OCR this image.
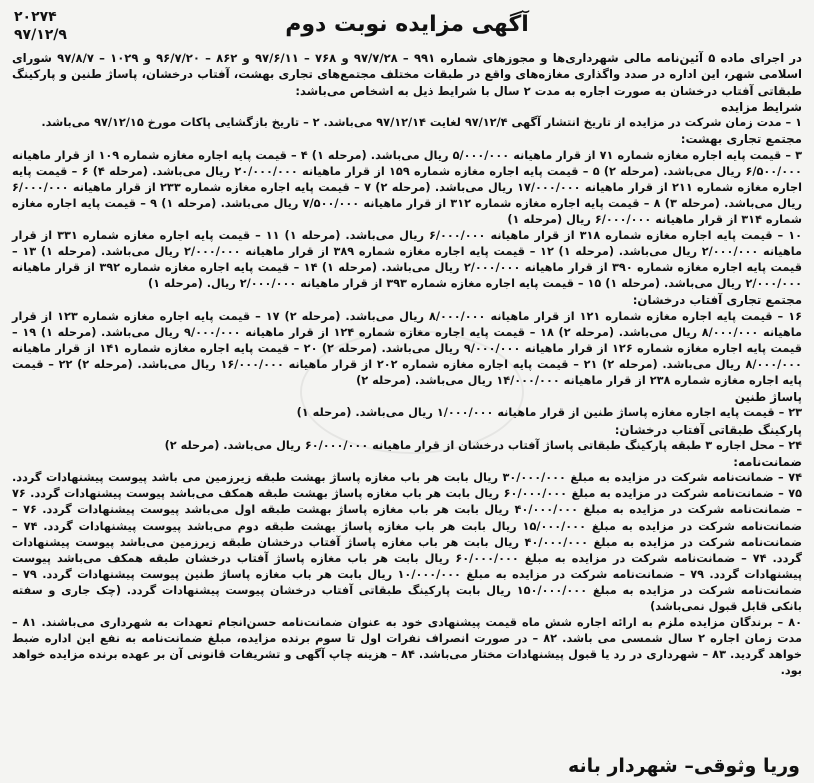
۲۰۲۷۴
۹۷/۱۲/۹	آگهی مزایده نوبت دوم
در اجرای ماده ۵ آئین‌نامه مالی شهرداری‌ها و مجوزهای شماره ۹۹۱ – ۹۷/۷/۲۸ و ۷۶۸ – ۹۷/۶/۱۱ و ۸۶۲ – ۹۶/۷/۲۰ و ۱۰۲۹ – ۹۷/۸/۷ شورای اسلامی شهر، این اداره در صدد واگذاری مغازه‌های واقع در طبقات مختلف مجتمع‌های تجاری بهشت، آفتاب درخشان، پاساژ طنین و پارکینگ طبقاتی آفتاب درخشان به صورت اجاره به مدت ۲ سال با شرایط ذیل به اشخاص می‌باشد:
شرایط مزایده
۱ – مدت زمان شرکت در مزایده از تاریخ انتشار آگهی ۹۷/۱۲/۴ لغایت ۹۷/۱۲/۱۴ می‌باشد. ۲ – تاریخ بازگشایی پاکات مورخ ۹۷/۱۲/۱۵ می‌باشد.
مجتمع تجاری بهشت:
۳ – قیمت پایه اجاره مغازه شماره ۷۱ از قرار ماهیانه ۵/۰۰۰/۰۰۰ ریال می‌باشد. (مرحله ۱) ۴ – قیمت پایه اجاره مغازه شماره ۱۰۹ از قرار ماهیانه ۶/۵۰۰/۰۰۰ ریال می‌باشد. (مرحله ۲) ۵ – قیمت پایه اجاره مغازه شماره ۱۵۹ از قرار ماهیانه ۲۰/۰۰۰/۰۰۰ ریال می‌باشد. (مرحله ۴) ۶ – قیمت پایه اجاره مغازه شماره ۲۱۱ از قرار ماهیانه ۱۷/۰۰۰/۰۰۰ ریال می‌باشد. (مرحله ۲) ۷ – قیمت پایه اجاره مغازه شماره ۲۳۳ از قرار ماهیانه ۶/۰۰۰/۰۰۰ ریال می‌باشد. (مرحله ۳) ۸ – قیمت پایه اجاره مغازه شماره ۳۱۲ از قرار ماهیانه ۷/۵۰۰/۰۰۰ ریال می‌باشد. (مرحله ۱) ۹ – قیمت پایه اجاره مغازه شماره ۳۱۴ از قرار ماهیانه ۶/۰۰۰/۰۰۰ ریال (مرحله ۱)
۱۰ – قیمت پایه اجاره مغازه شماره ۳۱۸ از قرار ماهیانه ۶/۰۰۰/۰۰۰ ریال می‌باشد. (مرحله ۱) ۱۱ – قیمت پایه اجاره مغازه شماره ۳۳۱ از قرار ماهیانه ۲/۰۰۰/۰۰۰ ریال می‌باشد. (مرحله ۱) ۱۲ – قیمت پایه اجاره مغازه شماره ۳۸۹ از قرار ماهیانه ۲/۰۰۰/۰۰۰ ریال می‌باشد. (مرحله ۱) ۱۳ – قیمت پایه اجاره مغازه شماره ۳۹۰ از قرار ماهیانه ۲/۰۰۰/۰۰۰ ریال می‌باشد. (مرحله ۱) ۱۴ – قیمت پایه اجاره مغازه شماره ۳۹۲ از قرار ماهیانه ۲/۰۰۰/۰۰۰ ریال می‌باشد. (مرحله ۱) ۱۵ – قیمت پایه اجاره مغازه شماره ۳۹۳ از قرار ماهیانه ۲/۰۰۰/۰۰۰ ریال. (مرحله ۱)
مجتمع تجاری آفتاب درخشان:
۱۶ – قیمت پایه اجاره مغازه شماره ۱۲۱ از قرار ماهیانه ۸/۰۰۰/۰۰۰ ریال می‌باشد. (مرحله ۲) ۱۷ – قیمت پایه اجاره مغازه شماره ۱۲۳ از قرار ماهیانه ۸/۰۰۰/۰۰۰ ریال می‌باشد. (مرحله ۲) ۱۸ – قیمت پایه اجاره مغازه شماره ۱۲۴ از قرار ماهیانه ۹/۰۰۰/۰۰۰ ریال می‌باشد. (مرحله ۱) ۱۹ – قیمت پایه اجاره مغازه شماره ۱۲۶ از قرار ماهیانه ۹/۰۰۰/۰۰۰ ریال می‌باشد. (مرحله ۲) ۲۰ – قیمت پایه اجاره مغازه شماره ۱۴۱ از قرار ماهیانه ۸/۰۰۰/۰۰۰ ریال می‌باشد. (مرحله ۲) ۲۱ – قیمت پایه اجاره مغازه شماره ۲۰۲ از قرار ماهیانه ۱۶/۰۰۰/۰۰۰ ریال می‌باشد. (مرحله ۲) ۲۲ – قیمت پایه اجاره مغازه شماره ۲۳۸ از قرار ماهیانه ۱۴/۰۰۰/۰۰۰ ریال می‌باشد. (مرحله ۲)
پاساژ طنین
۲۳ – قیمت پایه اجاره مغازه پاساژ طنین از قرار ماهیانه ۱/۰۰۰/۰۰۰ ریال می‌باشد. (مرحله ۱)
پارکینگ طبقاتی آفتاب درخشان:
۲۴ – محل اجاره ۳ طبقه پارکینگ طبقاتی پاساژ آفتاب درخشان از قرار ماهیانه ۶۰/۰۰۰/۰۰۰ ریال می‌باشد. (مرحله ۲)
ضمانت‌نامه:
۷۴ – ضمانت‌نامه شرکت در مزایده به مبلغ ۳۰/۰۰۰/۰۰۰ ریال بابت هر باب مغازه پاساژ بهشت طبقه زیرزمین می باشد پیوست پیشنهادات گردد. ۷۵ – ضمانت‌نامه شرکت در مزایده به مبلغ ۶۰/۰۰۰/۰۰۰ ریال بابت هر باب مغازه پاساژ بهشت طبقه همکف می‌باشد پیوست پیشنهادات گردد. ۷۶ – ضمانت‌نامه شرکت در مزایده به مبلغ ۴۰/۰۰۰/۰۰۰ ریال بابت هر باب مغازه پاساژ بهشت طبقه اول می‌باشد پیوست پیشنهادات گردد. ۷۶ – ضمانت‌نامه شرکت در مزایده به مبلغ ۱۵/۰۰۰/۰۰۰ ریال بابت هر باب مغازه پاساژ بهشت طبقه دوم می‌باشد پیوست پیشنهادات گردد. ۷۴ – ضمانت‌نامه شرکت در مزایده به مبلغ ۴۰/۰۰۰/۰۰۰ ریال بابت هر باب مغازه پاساژ آفتاب درخشان طبقه زیرزمین می‌باشد پیوست پیشنهادات گردد. ۷۴ – ضمانت‌نامه شرکت در مزایده به مبلغ ۶۰/۰۰۰/۰۰۰ ریال بابت هر باب مغازه پاساژ آفتاب درخشان طبقه همکف می‌باشد پیوست پیشنهادات گردد. ۷۹ – ضمانت‌نامه شرکت در مزایده به مبلغ ۱۰/۰۰۰/۰۰۰ ریال بابت هر باب مغازه پاساژ طنین پیوست پیشنهادات گردد. ۷۹ – ضمانت‌نامه شرکت در مزایده به مبلغ ۱۵۰/۰۰۰/۰۰۰ ریال بابت پارکینگ طبقاتی آفتاب درخشان پیوست پیشنهادات گردد. (چک جاری و سفته بانکی قابل قبول نمی‌باشد)
۸۰ – برندگان مزایده ملزم به ارائه اجاره شش ماه قیمت پیشنهادی خود به عنوان ضمانت‌نامه حسن‌انجام تعهدات به شهرداری می‌باشند. ۸۱ – مدت زمان اجاره ۲ سال شمسی می باشد. ۸۲ – در صورت انصراف نفرات اول تا سوم برنده مزایده، مبلغ ضمانت‌نامه به نفع این اداره ضبط خواهد گردید. ۸۳ – شهرداری در رد یا قبول پیشنهادات مختار می‌باشد. ۸۴ – هزینه چاپ آگهی و تشریفات قانونی آن بر عهده برنده مزایده خواهد بود.
وریا وثوقی– شهردار بانه
